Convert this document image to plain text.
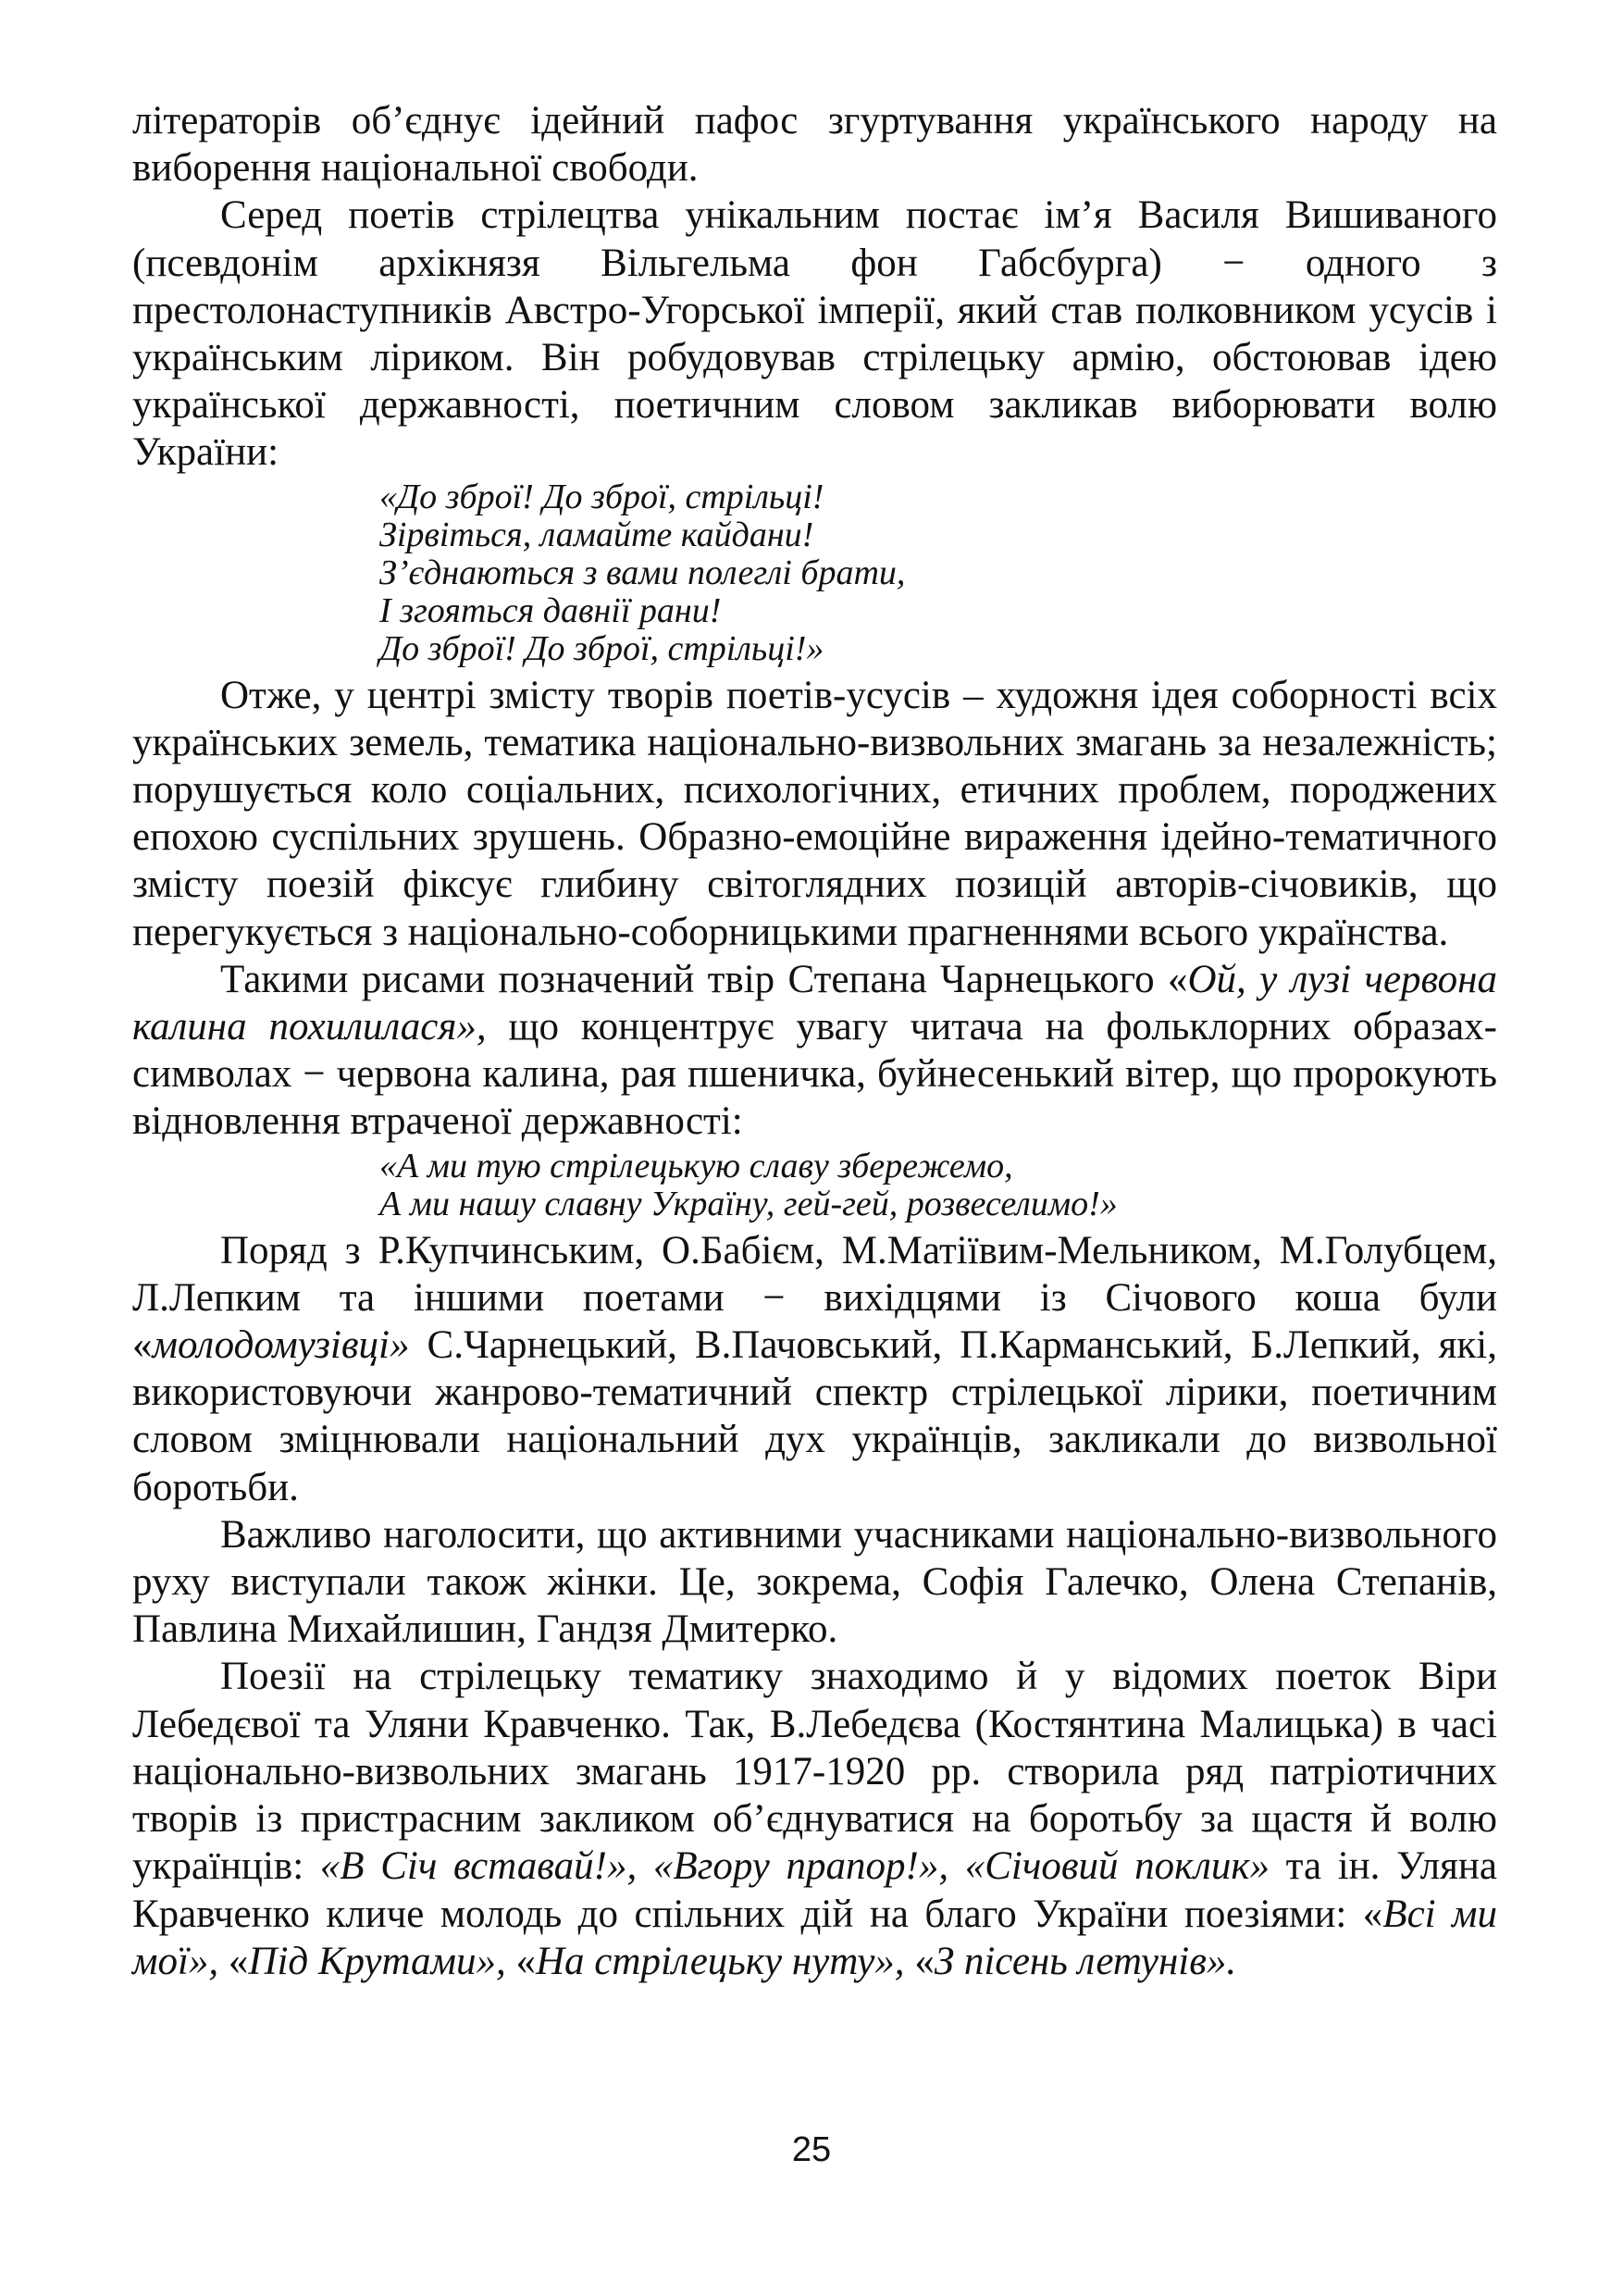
літераторів об’єднує ідейний пафос згуртування українського народу на виборення національної свободи.

Серед поетів стрілецтва унікальним постає ім’я Василя Вишиваного (псевдонім архікнязя Вільгельма фон Габсбурга) − одного з престолонаступників Австро-Угорської імперії, який став полковником усусів і українським ліриком. Він робудовував стрілецьку армію, обстоював ідею української державності, поетичним словом закликав виборювати волю України:

«До зброї! До зброї, стрільці!
Зірвіться, ламайте кайдани!
З’єднаються з вами полеглі брати,
І згояться давнії рани!
До зброї! До зброї, стрільці!»

Отже, у центрі змісту творів поетів-усусів – художня ідея соборності всіх українських земель, тематика національно-визвольних змагань за незалежність; порушується коло соціальних, психологічних, етичних проблем, породжених епохою суспільних зрушень. Образно-емоційне вираження ідейно-тематичного змісту поезій фіксує глибину світоглядних позицій авторів-січовиків, що перегукується з національно-соборницькими прагненнями всього українства.

Такими рисами позначений твір Степана Чарнецького «Ой, у лузі червона калина похилилася», що концентрує увагу читача на фольклорних образах-символах − червона калина, рая пшеничка, буйнесенький вітер, що пророкують відновлення втраченої державності:

«А ми тую стрілецькую славу збережемо,
А ми нашу славну Україну, гей-гей, розвеселимо!»

Поряд з Р.Купчинським, О.Бабієм, М.Матіївим-Мельником, М.Голубцем, Л.Лепким та іншими поетами − вихідцями із Січового коша були «молодомузівці» С.Чарнецький, В.Пачовський, П.Карманський, Б.Лепкий, які, використовуючи жанрово-тематичний спектр стрілецької лірики, поетичним словом зміцнювали національний дух українців, закликали до визвольної боротьби.

Важливо наголосити, що активними учасниками національно-визвольного руху виступали також жінки. Це, зокрема, Софія Галечко, Олена Степанів, Павлина Михайлишин, Гандзя Дмитерко.

Поезії на стрілецьку тематику знаходимо й у відомих поеток Віри Лебедєвої та Уляни Кравченко. Так, В.Лебедєва (Костянтина Малицька) в часі національно-визвольних змагань 1917-1920 рр. створила ряд патріотичних творів із пристрасним закликом об’єднуватися на боротьбу за щастя й волю українців: «В Січ вставай!», «Вгору прапор!», «Січовий поклик» та ін. Уляна Кравченко кличе молодь до спільних дій на благо України поезіями: «Всі ми мої», «Під Крутами», «На стрілецьку нуту», «З пісень летунів».

25
